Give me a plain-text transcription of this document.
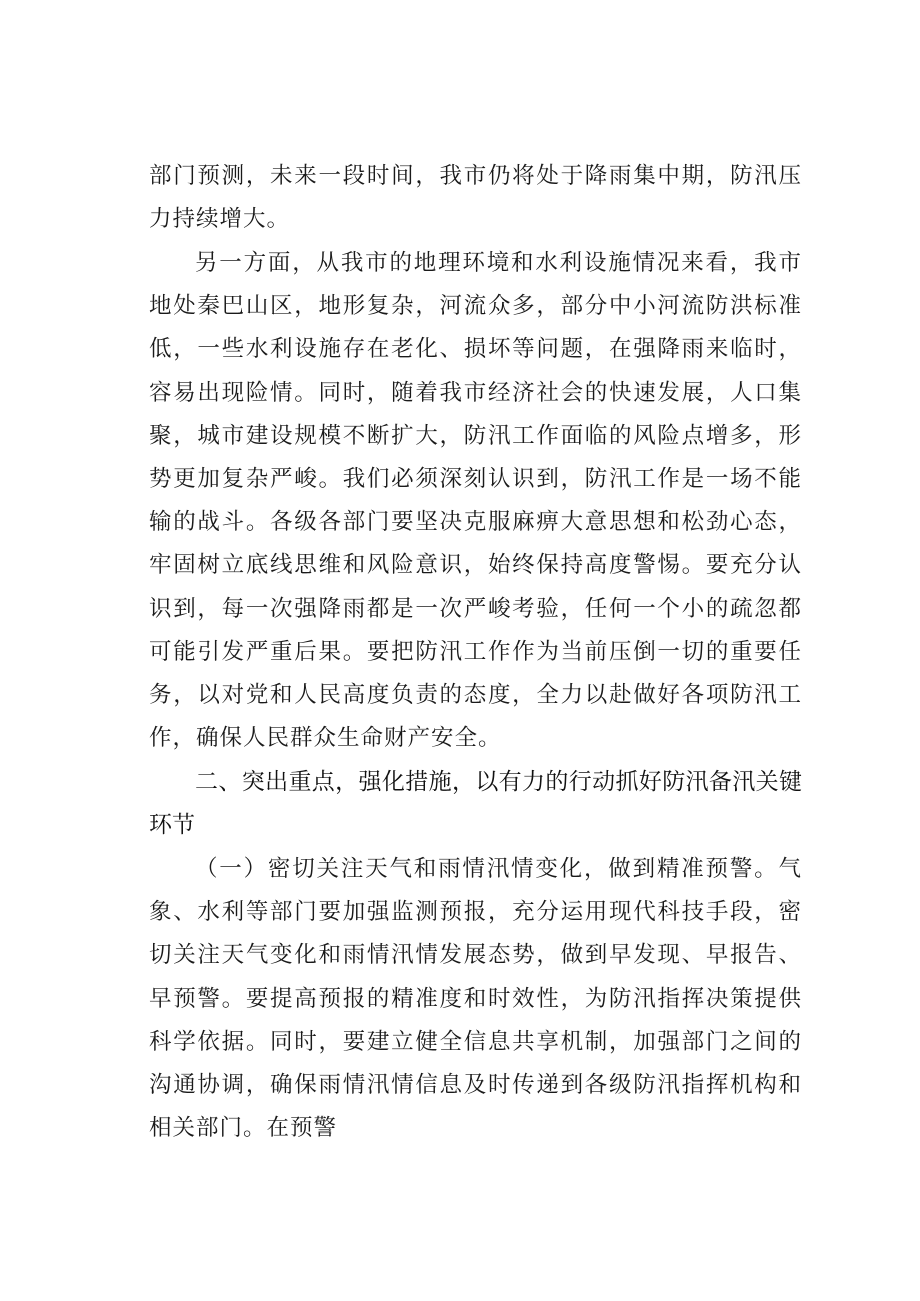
部门预测，未来一段时间，我市仍将处于降雨集中期，防汛压力持续增大。

另一方面，从我市的地理环境和水利设施情况来看，我市地处秦巴山区，地形复杂，河流众多，部分中小河流防洪标准低，一些水利设施存在老化、损坏等问题，在强降雨来临时，容易出现险情。同时，随着我市经济社会的快速发展，人口集聚，城市建设规模不断扩大，防汛工作面临的风险点增多，形势更加复杂严峻。我们必须深刻认识到，防汛工作是一场不能输的战斗。各级各部门要坚决克服麻痹大意思想和松劲心态，牢固树立底线思维和风险意识，始终保持高度警惕。要充分认识到，每一次强降雨都是一次严峻考验，任何一个小的疏忽都可能引发严重后果。要把防汛工作作为当前压倒一切的重要任务，以对党和人民高度负责的态度，全力以赴做好各项防汛工作，确保人民群众生命财产安全。

二、突出重点，强化措施，以有力的行动抓好防汛备汛关键环节

（一）密切关注天气和雨情汛情变化，做到精准预警。气象、水利等部门要加强监测预报，充分运用现代科技手段，密切关注天气变化和雨情汛情发展态势，做到早发现、早报告、早预警。要提高预报的精准度和时效性，为防汛指挥决策提供科学依据。同时，要建立健全信息共享机制，加强部门之间的沟通协调，确保雨情汛情信息及时传递到各级防汛指挥机构和相关部门。在预警
